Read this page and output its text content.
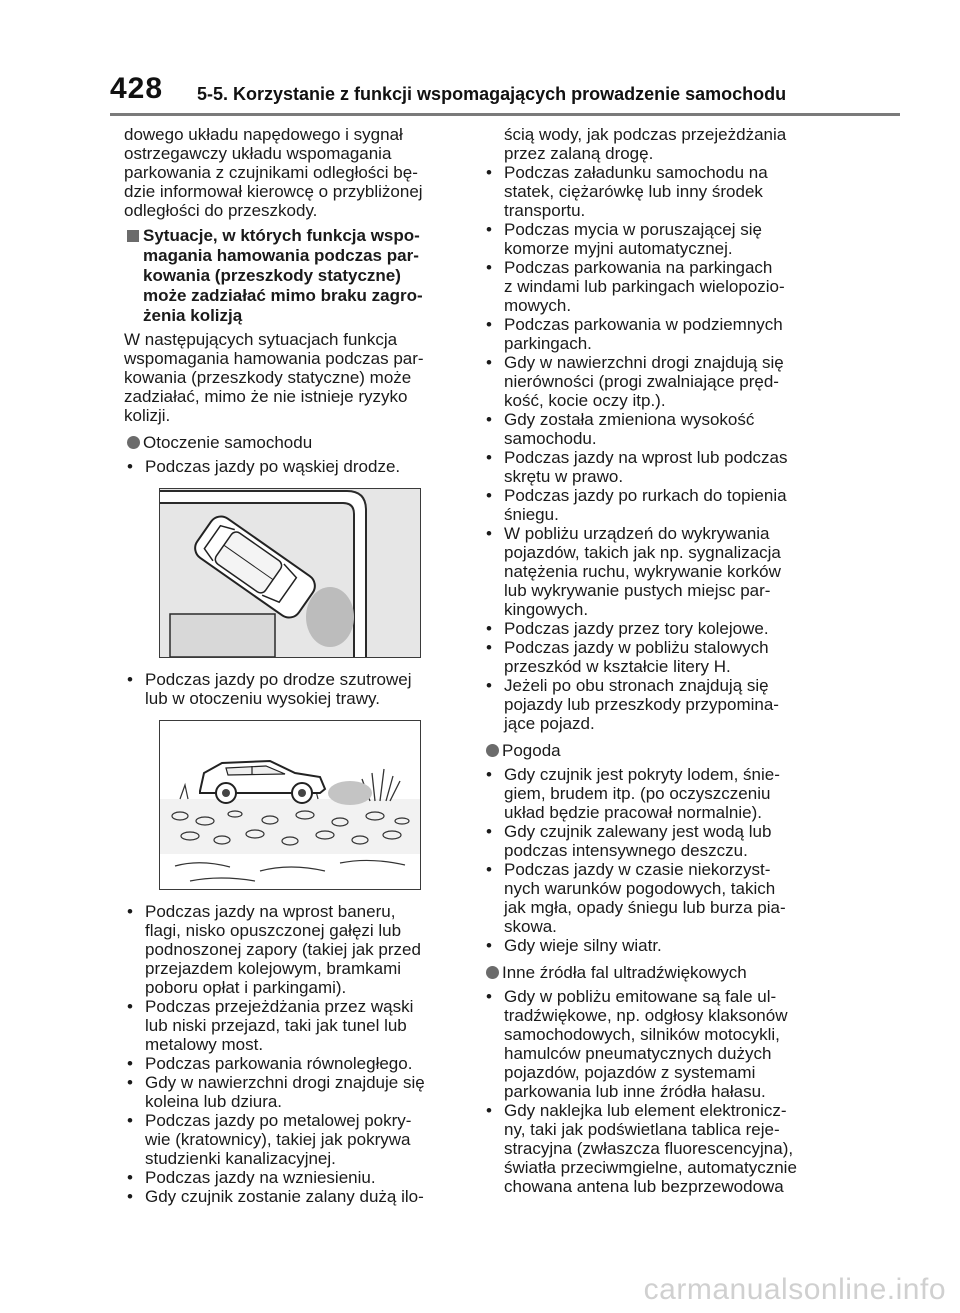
428 5-5. Korzystanie z funkcji wspomagających prowadzenie samochodu
dowego układu napędowego i sygnał
ostrzegawczy układu wspomagania
parkowania z czujnikami odległości bę-
dzie informował kierowcę o przybliżonej
odległości do przeszkody.
Sytuacje, w których funkcja wspo-
magania hamowania podczas par-
kowania (przeszkody statyczne)
może zadziałać mimo braku zagro-
żenia kolizją
W następujących sytuacjach funkcja
wspomagania hamowania podczas par-
kowania (przeszkody statyczne) może
zadziałać, mimo że nie istnieje ryzyko
kolizji.
Otoczenie samochodu
• Podczas jazdy po wąskiej drodze.
• Podczas jazdy po drodze szutrowej
lub w otoczeniu wysokiej trawy.
• Podczas jazdy na wprost baneru,
flagi, nisko opuszczonej gałęzi lub
podnoszonej zapory (takiej jak przed
przejazdem kolejowym, bramkami
poboru opłat i parkingami).
• Podczas przejeżdżania przez wąski
lub niski przejazd, taki jak tunel lub
metalowy most.
• Podczas parkowania równoległego.
• Gdy w nawierzchni drogi znajduje się
koleina lub dziura.
• Podczas jazdy po metalowej pokry-
wie (kratownicy), takiej jak pokrywa
studzienki kanalizacyjnej.
• Podczas jazdy na wzniesieniu.
• Gdy czujnik zostanie zalany dużą ilo-
ścią wody, jak podczas przejeżdżania
przez zalaną drogę.
• Podczas załadunku samochodu na
statek, ciężarówkę lub inny środek
transportu.
• Podczas mycia w poruszającej się
komorze myjni automatycznej.
• Podczas parkowania na parkingach
z windami lub parkingach wielopozio-
mowych.
• Podczas parkowania w podziemnych
parkingach.
• Gdy w nawierzchni drogi znajdują się
nierówności (progi zwalniające pręd-
kość, kocie oczy itp.).
• Gdy została zmieniona wysokość
samochodu.
• Podczas jazdy na wprost lub podczas
skrętu w prawo.
• Podczas jazdy po rurkach do topienia
śniegu.
• W pobliżu urządzeń do wykrywania
pojazdów, takich jak np. sygnalizacja
natężenia ruchu, wykrywanie korków
lub wykrywanie pustych miejsc par-
kingowych.
• Podczas jazdy przez tory kolejowe.
• Podczas jazdy w pobliżu stalowych
przeszkód w kształcie litery H.
• Jeżeli po obu stronach znajdują się
pojazdy lub przeszkody przypomina-
jące pojazd.
Pogoda
• Gdy czujnik jest pokryty lodem, śnie-
giem, brudem itp. (po oczyszczeniu
układ będzie pracował normalnie).
• Gdy czujnik zalewany jest wodą lub
podczas intensywnego deszczu.
• Podczas jazdy w czasie niekorzyst-
nych warunków pogodowych, takich
jak mgła, opady śniegu lub burza pia-
skowa.
• Gdy wieje silny wiatr.
Inne źródła fal ultradźwiękowych
• Gdy w pobliżu emitowane są fale ul-
tradźwiękowe, np. odgłosy klaksonów
samochodowych, silników motocykli,
hamulców pneumatycznych dużych
pojazdów, pojazdów z systemami
parkowania lub inne źródła hałasu.
• Gdy naklejka lub element elektronicz-
ny, taki jak podświetlana tablica reje-
stracyjna (zwłaszcza fluorescencyjna),
światła przeciwmgielne, automatycznie
chowana antena lub bezprzewodowa
carmanualsonline.info
